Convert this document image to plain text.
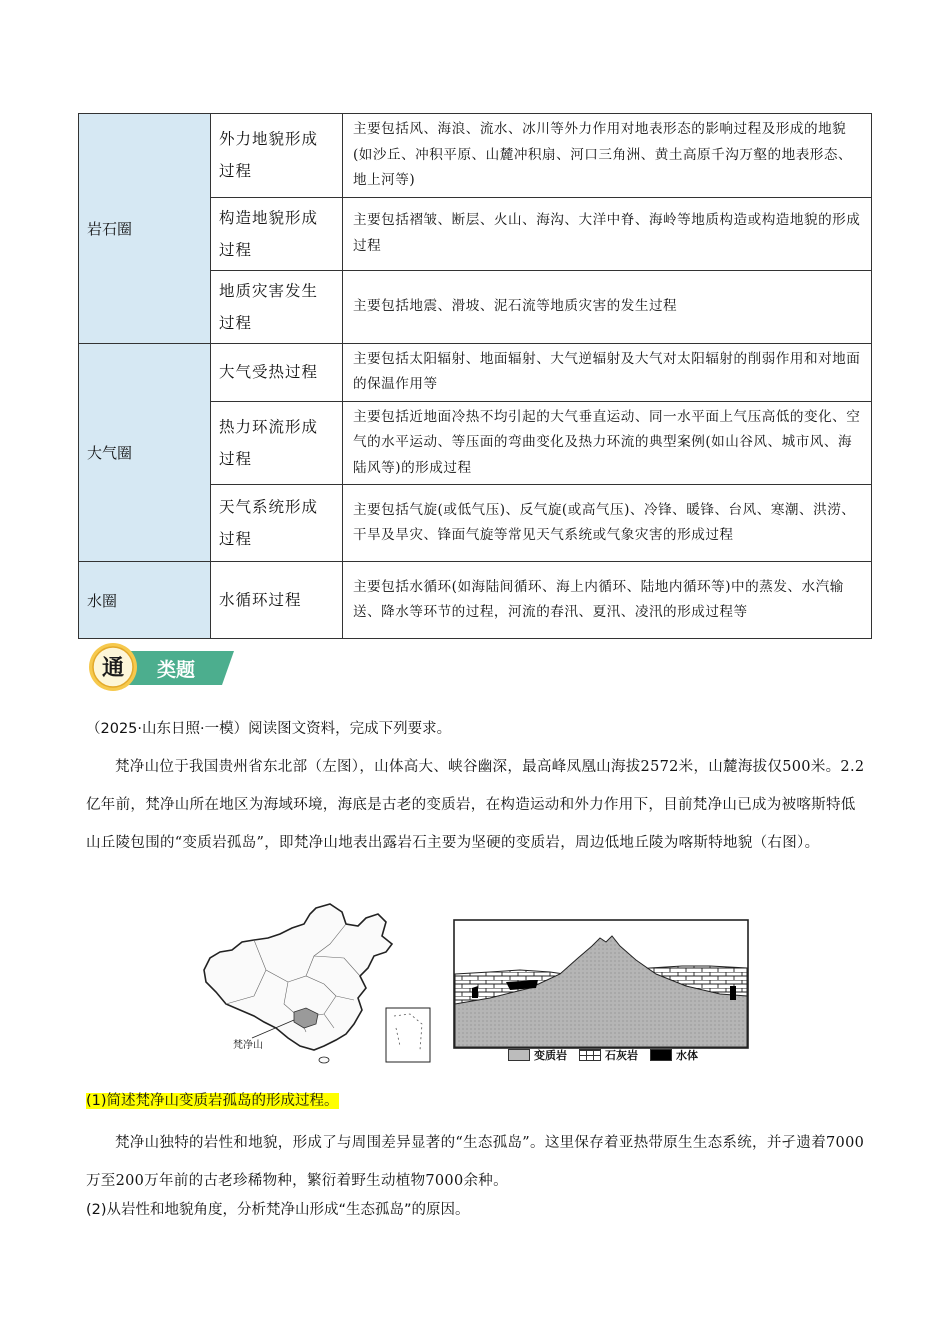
岩石圈	外力地貌形成过程	主要包括风、海浪、流水、冰川等外力作用对地表形态的影响过程及形成的地貌(如沙丘、冲积平原、山麓冲积扇、河口三角洲、黄土高原千沟万壑的地表形态、地上河等)
	构造地貌形成过程	主要包括褶皱、断层、火山、海沟、大洋中脊、海岭等地质构造或构造地貌的形成过程
	地质灾害发生过程	主要包括地震、滑坡、泥石流等地质灾害的发生过程
大气圈	大气受热过程	主要包括太阳辐射、地面辐射、大气逆辐射及大气对太阳辐射的削弱作用和对地面的保温作用等
	热力环流形成过程	主要包括近地面冷热不均引起的大气垂直运动、同一水平面上气压高低的变化、空气的水平运动、等压面的弯曲变化及热力环流的典型案例(如山谷风、城市风、海陆风等)的形成过程
	天气系统形成过程	主要包括气旋(或低气压)、反气旋(或高气压)、冷锋、暖锋、台风、寒潮、洪涝、干旱及旱灾、锋面气旋等常见天气系统或气象灾害的形成过程
水圈	水循环过程	主要包括水循环(如海陆间循环、海上内循环、陆地内循环等)中的蒸发、水汽输送、降水等环节的过程，河流的春汛、夏汛、凌汛的形成过程等
通 类题
（2025·山东日照·一模）阅读图文资料，完成下列要求。
梵净山位于我国贵州省东北部（左图），山体高大、峡谷幽深，最高峰凤凰山海拔2572米，山麓海拔仅500米。2.2亿年前，梵净山所在地区为海域环境，海底是古老的变质岩，在构造运动和外力作用下，目前梵净山已成为被喀斯特低山丘陵包围的“变质岩孤岛”，即梵净山地表出露岩石主要为坚硬的变质岩，周边低地丘陵为喀斯特地貌（右图）。
梵净山
变质岩	石灰岩	水体
(1)简述梵净山变质岩孤岛的形成过程。
梵净山独特的岩性和地貌，形成了与周围差异显著的“生态孤岛”。这里保存着亚热带原生生态系统，并孑遗着7000万至200万年前的古老珍稀物种，繁衍着野生动植物7000余种。
(2)从岩性和地貌角度，分析梵净山形成“生态孤岛”的原因。
